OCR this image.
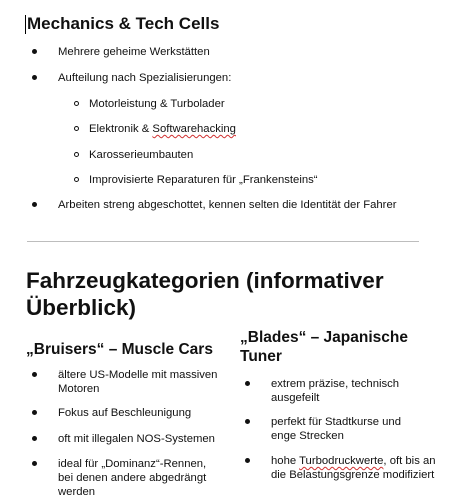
Mechanics & Tech Cells
Mehrere geheime Werkstätten
Aufteilung nach Spezialisierungen:
Motorleistung & Turbolader
Elektronik & Softwarehacking
Karosserieumbauten
Improvisierte Reparaturen für „Frankensteins“
Arbeiten streng abgeschottet, kennen selten die Identität der Fahrer
Fahrzeugkategorien (informativer Überblick)
„Bruisers“ – Muscle Cars
ältere US-Modelle mit massiven Motoren
Fokus auf Beschleunigung
oft mit illegalen NOS-Systemen
ideal für „Dominanz“-Rennen, bei denen andere abgedrängt werden
„Blades“ – Japanische Tuner
extrem präzise, technisch ausgefeilt
perfekt für Stadtkurse und enge Strecken
hohe Turbodruckwerte, oft bis an die Belastungsgrenze modifiziert
